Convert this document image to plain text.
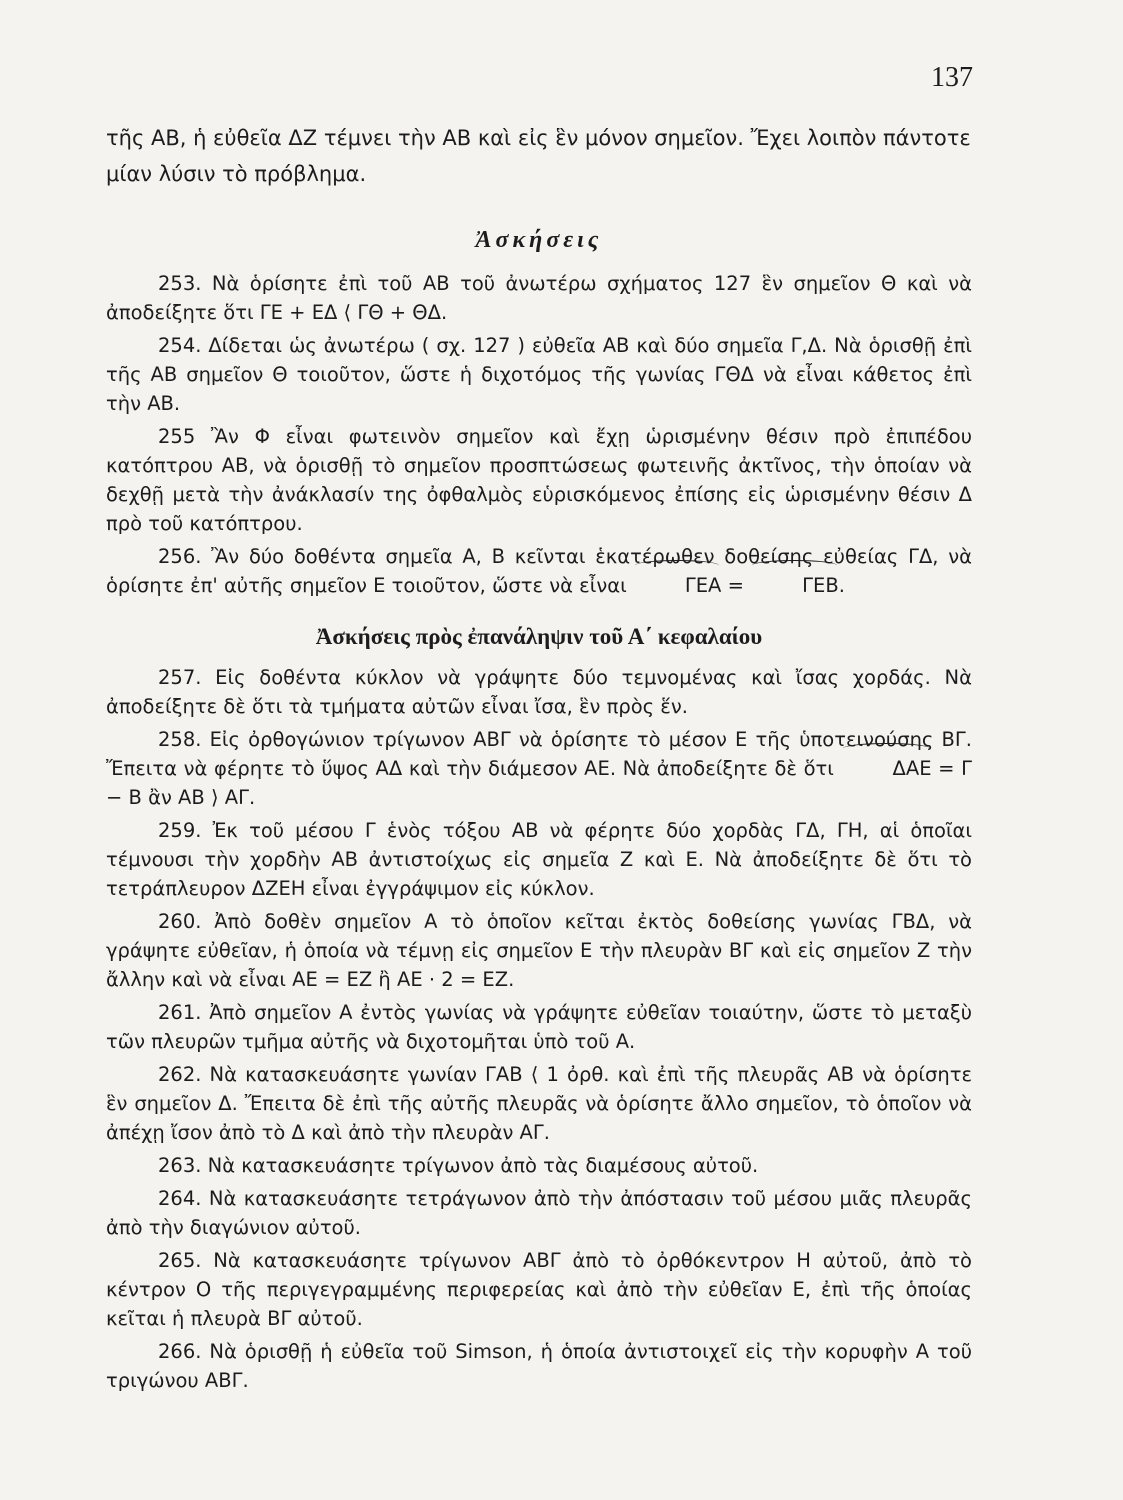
137

τῆς ΑΒ, ἡ εὐθεῖα ΔΖ τέμνει τὴν ΑΒ καὶ εἰς ἓν μόνον σημεῖον. Ἔχει λοιπὸν πάντοτε μίαν λύσιν τὸ πρόβλημα.

Ἀσκήσεις

253. Νὰ ὁρίσητε ἐπὶ τοῦ ΑΒ τοῦ ἀνωτέρω σχήματος 127 ἓν σημεῖον Θ καὶ νὰ ἀποδείξητε ὅτι ΓΕ + ΕΔ ⟨ ΓΘ + ΘΔ.

254. Δίδεται ὡς ἀνωτέρω ( σχ. 127 ) εὐθεῖα ΑΒ καὶ δύο σημεῖα Γ,Δ. Νὰ ὁρισθῇ ἐπὶ τῆς ΑΒ σημεῖον Θ τοιοῦτον, ὥστε ἡ διχοτόμος τῆς γωνίας ΓΘΔ νὰ εἶναι κάθετος ἐπὶ τὴν ΑΒ.

255 Ἂν Φ εἶναι φωτεινὸν σημεῖον καὶ ἔχῃ ὡρισμένην θέσιν πρὸ ἐπιπέδου κατόπτρου ΑΒ, νὰ ὁρισθῇ τὸ σημεῖον προσπτώσεως φωτεινῆς ἀκτῖνος, τὴν ὁποίαν νὰ δεχθῇ μετὰ τὴν ἀνάκλασίν της ὀφθαλμὸς εὑρισκόμενος ἐπίσης εἰς ὡρισμένην θέσιν Δ πρὸ τοῦ κατόπτρου.

256. Ἂν δύο δοθέντα σημεῖα Α, Β κεῖνται ἑκατέρωθεν δοθείσης εὐθείας ΓΔ, νὰ ὁρίσητε ἐπ' αὐτῆς σημεῖον Ε τοιοῦτον, ὥστε νὰ εἶναι	ΓΕΑ =	ΓΕΒ.

Ἀσκήσεις πρὸς ἐπανάληψιν τοῦ Α΄ κεφαλαίου

257. Εἰς δοθέντα κύκλον νὰ γράψητε δύο τεμνομένας καὶ ἴσας χορδάς. Νὰ ἀποδείξητε δὲ ὅτι τὰ τμήματα αὐτῶν εἶναι ἴσα, ἓν πρὸς ἕν.

258. Εἰς ὀρθογώνιον τρίγωνον ΑΒΓ νὰ ὁρίσητε τὸ μέσον Ε τῆς ὑποτεινούσης ΒΓ. Ἔπειτα νὰ φέρητε τὸ ὕψος ΑΔ καὶ τὴν διάμεσον ΑΕ. Νὰ ἀποδείξητε δὲ ὅτι	ΔΑΕ = Γ − Β ἂν ΑΒ ⟩ ΑΓ.

259. Ἐκ τοῦ μέσου Γ ἑνὸς τόξου ΑΒ νὰ φέρητε δύο χορδὰς ΓΔ, ΓΗ, αἱ ὁποῖαι τέμνουσι τὴν χορδὴν ΑΒ ἀντιστοίχως εἰς σημεῖα Ζ καὶ Ε. Νὰ ἀποδείξητε δὲ ὅτι τὸ τετράπλευρον ΔΖΕΗ εἶναι ἐγγράψιμον εἰς κύκλον.

260. Ἀπὸ δοθὲν σημεῖον Α τὸ ὁποῖον κεῖται ἐκτὸς δοθείσης γωνίας ΓΒΔ, νὰ γράψητε εὐθεῖαν, ἡ ὁποία νὰ τέμνῃ εἰς σημεῖον Ε τὴν πλευρὰν ΒΓ καὶ εἰς σημεῖον Ζ τὴν ἄλλην καὶ νὰ εἶναι ΑΕ = ΕΖ ἢ ΑΕ · 2 = ΕΖ.

261. Ἀπὸ σημεῖον Α ἐντὸς γωνίας νὰ γράψητε εὐθεῖαν τοιαύτην, ὥστε τὸ μεταξὺ τῶν πλευρῶν τμῆμα αὐτῆς νὰ διχοτομῆται ὑπὸ τοῦ Α.

262. Νὰ κατασκευάσητε γωνίαν ΓΑΒ ⟨ 1 ὀρθ. καὶ ἐπὶ τῆς πλευρᾶς ΑΒ νὰ ὁρίσητε ἓν σημεῖον Δ. Ἔπειτα δὲ ἐπὶ τῆς αὐτῆς πλευρᾶς νὰ ὁρίσητε ἄλλο σημεῖον, τὸ ὁποῖον νὰ ἀπέχῃ ἴσον ἀπὸ τὸ Δ καὶ ἀπὸ τὴν πλευρὰν ΑΓ.

263. Νὰ κατασκευάσητε τρίγωνον ἀπὸ τὰς διαμέσους αὐτοῦ.

264. Νὰ κατασκευάσητε τετράγωνον ἀπὸ τὴν ἀπόστασιν τοῦ μέσου μιᾶς πλευρᾶς ἀπὸ τὴν διαγώνιον αὐτοῦ.

265. Νὰ κατασκευάσητε τρίγωνον ΑΒΓ ἀπὸ τὸ ὀρθόκεντρον Η αὐτοῦ, ἀπὸ τὸ κέντρον Ο τῆς περιγεγραμμένης περιφερείας καὶ ἀπὸ τὴν εὐθεῖαν Ε, ἐπὶ τῆς ὁποίας κεῖται ἡ πλευρὰ ΒΓ αὐτοῦ.

266. Νὰ ὁρισθῇ ἡ εὐθεῖα τοῦ Simson, ἡ ὁποία ἀντιστοιχεῖ εἰς τὴν κορυφὴν Α τοῦ τριγώνου ΑΒΓ.
